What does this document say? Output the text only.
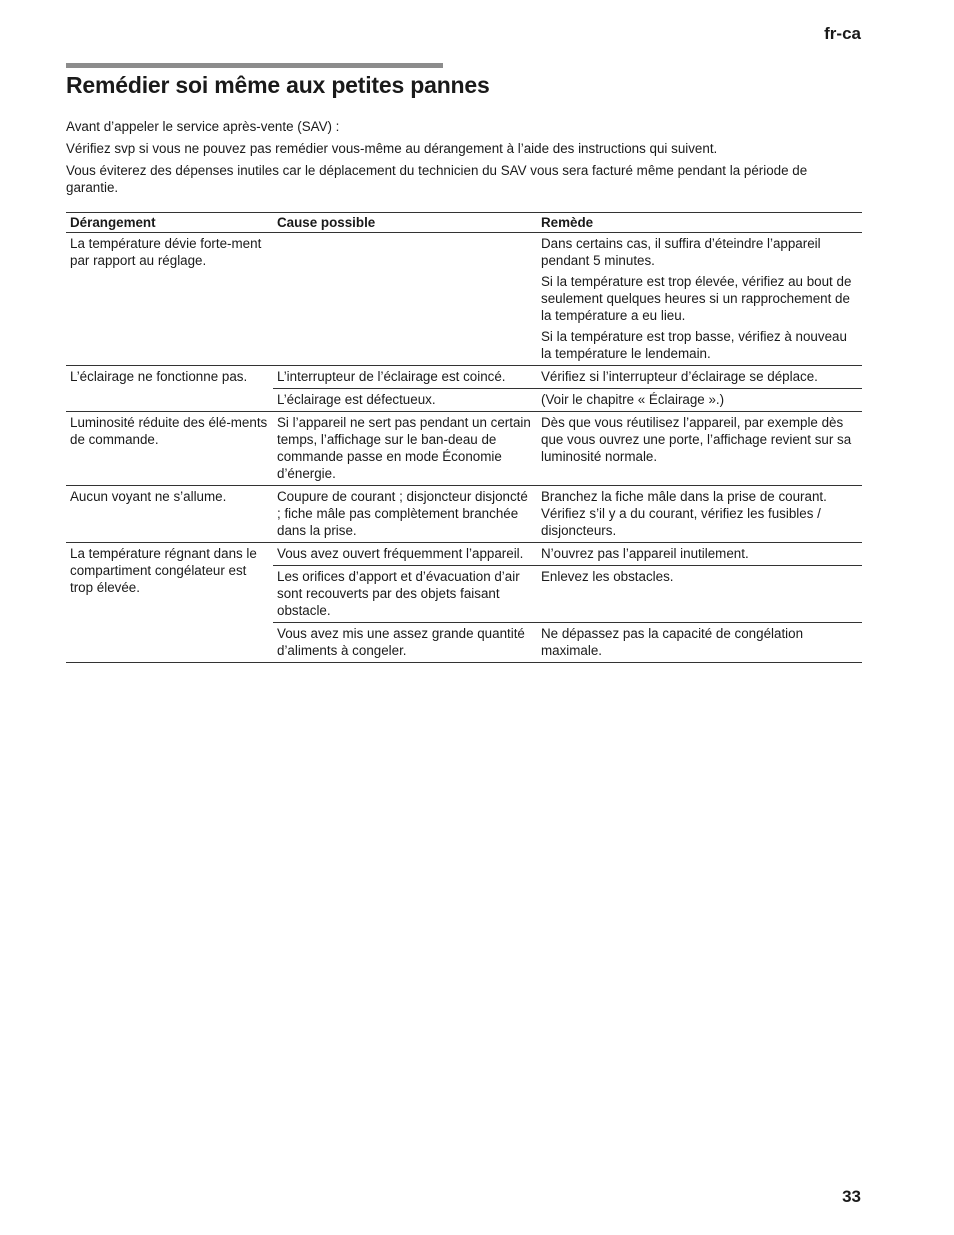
fr-ca
Remédier soi même aux petites pannes

Avant d’appeler le service après-vente (SAV) :

Vérifiez svp si vous ne pouvez pas remédier vous-même au dérangement à l’aide des instructions qui suivent.

Vous éviterez des dépenses inutiles car le déplacement du technicien du SAV vous sera facturé même pendant la période de garantie.

Dérangement	Cause possible	Remède
La température dévie forte-ment par rapport au réglage.		Dans certains cas, il suffira d’éteindre l’appareil pendant 5 minutes.

Si la température est trop élevée, vérifiez au bout de seulement quelques heures si un rapprochement de la température a eu lieu.

Si la température est trop basse, vérifiez à nouveau la température le lendemain.

L’éclairage ne fonctionne pas.	L’interrupteur de l’éclairage est coincé.	Vérifiez si l’interrupteur d’éclairage se déplace.
	L’éclairage est défectueux.	(Voir le chapitre « Éclairage ».)
Luminosité réduite des élé-ments de commande.	Si l’appareil ne sert pas pendant un certain temps, l’affichage sur le ban-deau de commande passe en mode Économie d’énergie.	Dès que vous réutilisez l’appareil, par exemple dès que vous ouvrez une porte, l’affichage revient sur sa luminosité normale.
Aucun voyant ne s’allume.	Coupure de courant ; disjoncteur disjoncté ; fiche mâle pas complètement branchée dans la prise.	Branchez la fiche mâle dans la prise de courant. Vérifiez s’il y a du courant, vérifiez les fusibles / disjoncteurs.
La température régnant dans le compartiment congélateur est trop élevée.	Vous avez ouvert fréquemment l’appareil.	N’ouvrez pas l’appareil inutilement.
	Les orifices d’apport et d’évacuation d’air sont recouverts par des objets faisant obstacle.	Enlevez les obstacles.
	Vous avez mis une assez grande quantité d’aliments à congeler.	Ne dépassez pas la capacité de congélation maximale.
33
